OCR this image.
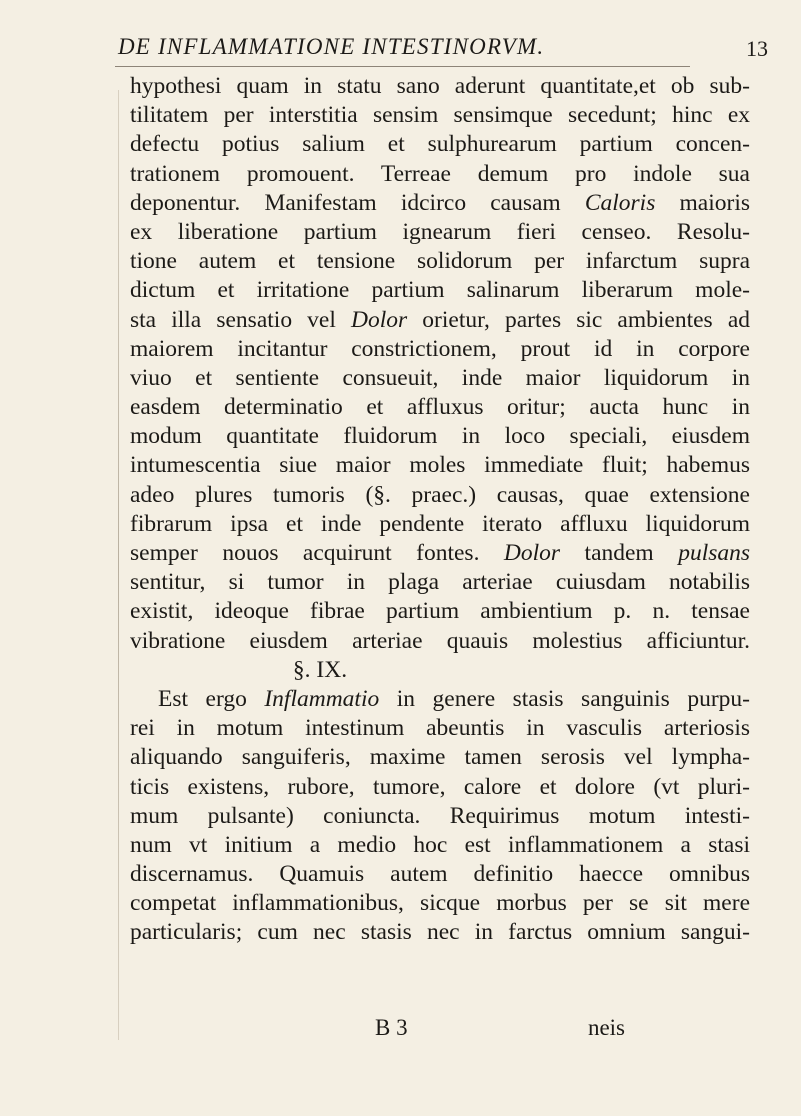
DE INFLAMMATIONE INTESTINORVM.	13
hypothesi quam in statu sano aderunt quantitate,et ob sub-
tilitatem per interstitia sensim sensimque secedunt; hinc ex
defectu potius salium et sulphurearum partium concen-
trationem promouent. Terreae demum pro indole sua
deponentur. Manifestam idcirco causam Caloris maioris
ex liberatione partium ignearum fieri censeo. Resolu-
tione autem et tensione solidorum per infarctum supra
dictum et irritatione partium salinarum liberarum mole-
sta illa sensatio vel Dolor orietur, partes sic ambientes ad
maiorem incitantur constrictionem, prout id in corpore
viuo et sentiente consueuit, inde maior liquidorum in
easdem determinatio et affluxus oritur; aucta hunc in
modum quantitate fluidorum in loco speciali, eiusdem
intumescentia siue maior moles immediate fluit; habemus
adeo plures tumoris (§. praec.) causas, quae extensione
fibrarum ipsa et inde pendente iterato affluxu liquidorum
semper nouos acquirunt fontes. Dolor tandem pulsans
sentitur, si tumor in plaga arteriae cuiusdam notabilis
existit, ideoque fibrae partium ambientium p. n. tensae
vibratione eiusdem arteriae quauis molestius afficiuntur.
§. IX.
Est ergo Inflammatio in genere stasis sanguinis purpu-
rei in motum intestinum abeuntis in vasculis arteriosis
aliquando sanguiferis, maxime tamen serosis vel lympha-
ticis existens, rubore, tumore, calore et dolore (vt pluri-
mum pulsante) coniuncta. Requirimus motum intesti-
num vt initium a medio hoc est inflammationem a stasi
discernamus. Quamuis autem definitio haecce omnibus
competat inflammationibus, sicque morbus per se sit mere
particularis; cum nec stasis nec in farctus omnium sangui-
B 3	neis
